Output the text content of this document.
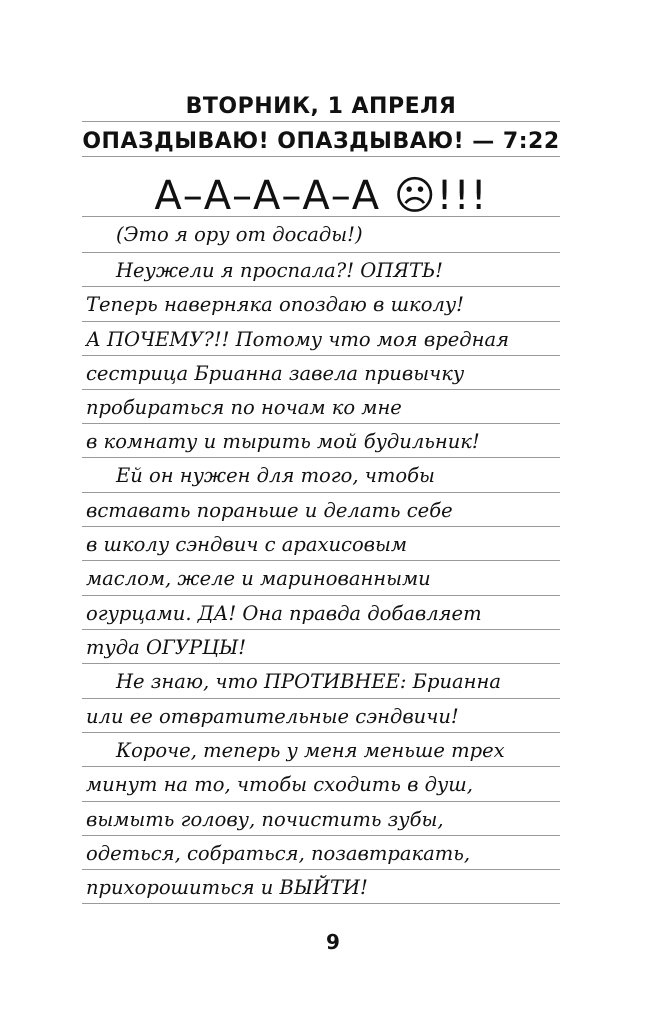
ВТОРНИК, 1 АПРЕЛЯ
ОПАЗДЫВАЮ! ОПАЗДЫВАЮ! — 7:22
А–А–А–А–А ☹!!!
(Это я ору от досады!)
Неужели я проспала?! ОПЯТЬ!
Теперь наверняка опоздаю в школу!
А ПОЧЕМУ?!! Потому что моя вредная
сестрица Брианна завела привычку
пробираться по ночам ко мне
в комнату и тырить мой будильник!
Ей он нужен для того, чтобы
вставать пораньше и делать себе
в школу сэндвич с арахисовым
маслом, желе и маринованными
огурцами. ДА! Она правда добавляет
туда ОГУРЦЫ!
Не знаю, что ПРОТИВНЕЕ: Брианна
или ее отвратительные сэндвичи!
Короче, теперь у меня меньше трех
минут на то, чтобы сходить в душ,
вымыть голову, почистить зубы,
одеться, собраться, позавтракать,
прихорошиться и ВЫЙТИ!
9
